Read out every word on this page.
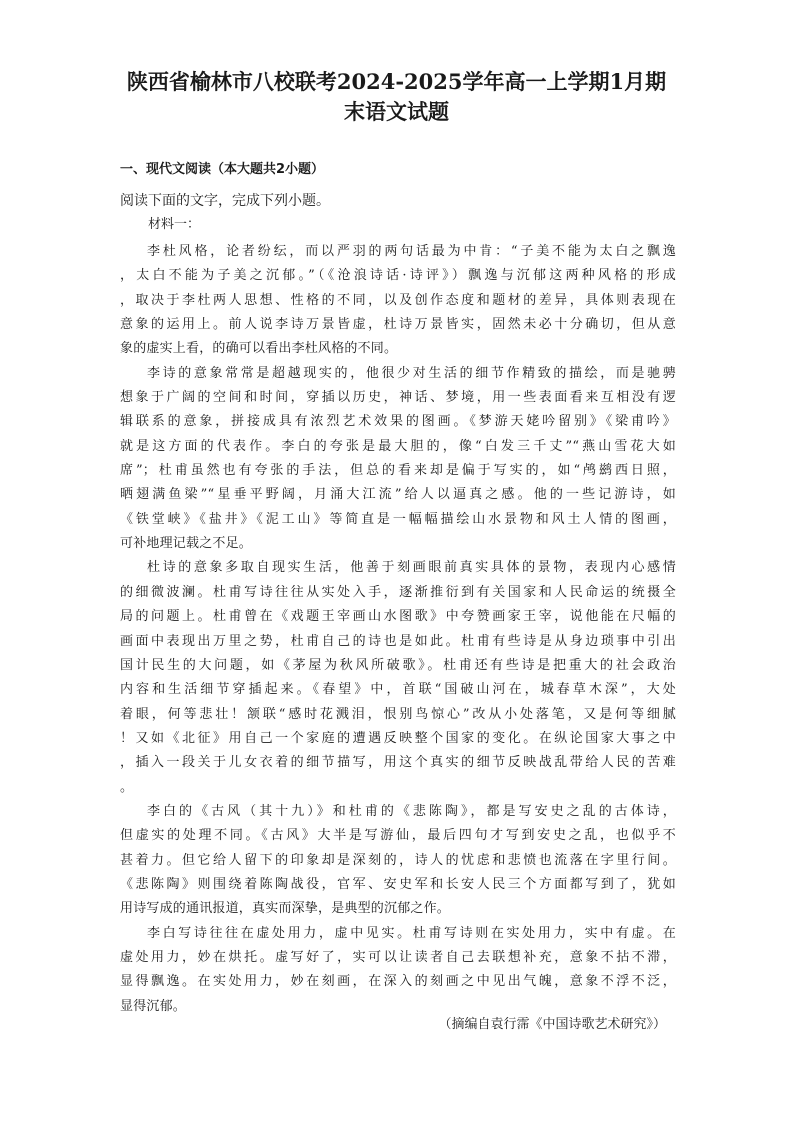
陕西省榆林市八校联考2024-2025学年高一上学期1月期
末语文试题
一、现代文阅读（本大题共2小题）
阅读下面的文字，完成下列小题。
材料一：
李杜风格，论者纷纭，而以严羽的两句话最为中肯：“子美不能为太白之飘逸
，太白不能为子美之沉郁。”（《沧浪诗话·诗评》）飘逸与沉郁这两种风格的形成
，取决于李杜两人思想、性格的不同，以及创作态度和题材的差异，具体则表现在
意象的运用上。前人说李诗万景皆虚，杜诗万景皆实，固然未必十分确切，但从意
象的虚实上看，的确可以看出李杜风格的不同。
李诗的意象常常是超越现实的，他很少对生活的细节作精致的描绘，而是驰骋
想象于广阔的空间和时间，穿插以历史，神话、梦境，用一些表面看来互相没有逻
辑联系的意象，拼接成具有浓烈艺术效果的图画。《梦游天姥吟留别》《梁甫吟》
就是这方面的代表作。李白的夸张是最大胆的，像“白发三千丈”“燕山雪花大如
席”；杜甫虽然也有夸张的手法，但总的看来却是偏于写实的，如“鸬鹚西日照，
晒翅满鱼梁”“星垂平野阔，月涌大江流”给人以逼真之感。他的一些记游诗，如
《铁堂峡》《盐井》《泥工山》等简直是一幅幅描绘山水景物和风土人情的图画，
可补地理记载之不足。
杜诗的意象多取自现实生活，他善于刻画眼前真实具体的景物，表现内心感情
的细微波澜。杜甫写诗往往从实处入手，逐渐推衍到有关国家和人民命运的统摄全
局的问题上。杜甫曾在《戏题王宰画山水图歌》中夸赞画家王宰，说他能在尺幅的
画面中表现出万里之势，杜甫自己的诗也是如此。杜甫有些诗是从身边琐事中引出
国计民生的大问题，如《茅屋为秋风所破歌》。杜甫还有些诗是把重大的社会政治
内容和生活细节穿插起来。《春望》中，首联“国破山河在，城春草木深”，大处
着眼，何等悲壮！颔联“感时花溅泪，恨别鸟惊心”改从小处落笔，又是何等细腻
！又如《北征》用自己一个家庭的遭遇反映整个国家的变化。在纵论国家大事之中
，插入一段关于儿女衣着的细节描写，用这个真实的细节反映战乱带给人民的苦难
。
李白的《古风（其十九）》和杜甫的《悲陈陶》，都是写安史之乱的古体诗，
但虚实的处理不同。《古风》大半是写游仙，最后四句才写到安史之乱，也似乎不
甚着力。但它给人留下的印象却是深刻的，诗人的忧虑和悲愤也流落在字里行间。
《悲陈陶》则围绕着陈陶战役，官军、安史军和长安人民三个方面都写到了，犹如
用诗写成的通讯报道，真实而深挚，是典型的沉郁之作。
李白写诗往往在虚处用力，虚中见实。杜甫写诗则在实处用力，实中有虚。在
虚处用力，妙在烘托。虚写好了，实可以让读者自己去联想补充，意象不拈不滞，
显得飘逸。在实处用力，妙在刻画，在深入的刻画之中见出气魄，意象不浮不泛，
显得沉郁。
（摘编自袁行霈《中国诗歌艺术研究》）
